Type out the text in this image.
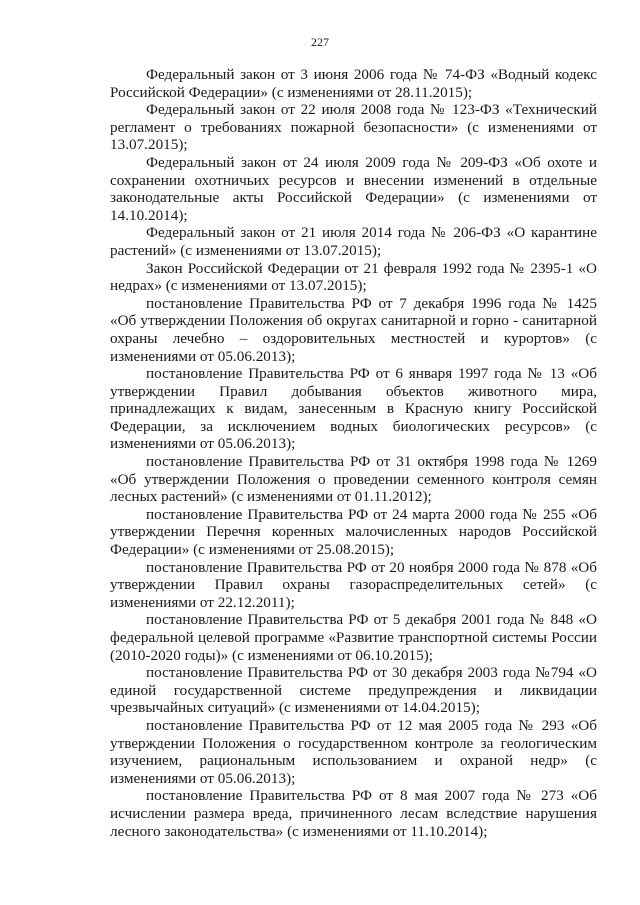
227

Федеральный закон от 3 июня 2006 года № 74-ФЗ «Водный кодекс Российской Федерации» (с изменениями от 28.11.2015);

Федеральный закон от 22 июля 2008 года № 123-ФЗ «Технический регламент о требованиях пожарной безопасности» (с изменениями от 13.07.2015);

Федеральный закон от 24 июля 2009 года № 209-ФЗ «Об охоте и сохранении охотничьих ресурсов и внесении изменений в отдельные законодательные акты Российской Федерации» (с изменениями от 14.10.2014);

Федеральный закон от 21 июля 2014 года № 206-ФЗ «О карантине растений» (с изменениями от 13.07.2015);

Закон Российской Федерации от 21 февраля 1992 года № 2395-1 «О недрах» (с изменениями от 13.07.2015);

постановление Правительства РФ от 7 декабря 1996 года № 1425 «Об утверждении Положения об округах санитарной и горно - санитарной охраны лечебно – оздоровительных местностей и курортов» (с изменениями от 05.06.2013);

постановление Правительства РФ от 6 января 1997 года № 13 «Об утверждении Правил добывания объектов животного мира, принадлежащих к видам, занесенным в Красную книгу Российской Федерации, за исключением водных биологических ресурсов» (с изменениями от 05.06.2013);

постановление Правительства РФ от 31 октября 1998 года № 1269 «Об утверждении Положения о проведении семенного контроля семян лесных растений» (с изменениями от 01.11.2012);

постановление Правительства РФ от 24 марта 2000 года № 255 «Об утверждении Перечня коренных малочисленных народов Российской Федерации» (с изменениями от 25.08.2015);

постановление Правительства РФ от 20 ноября 2000 года № 878 «Об утверждении Правил охраны газораспределительных сетей» (с изменениями от 22.12.2011);

постановление Правительства РФ от 5 декабря 2001 года № 848 «О федеральной целевой программе «Развитие транспортной системы России (2010-2020 годы)» (с изменениями от 06.10.2015);

постановление Правительства РФ от 30 декабря 2003 года №794 «О единой государственной системе предупреждения и ликвидации чрезвычайных ситуаций» (с изменениями от 14.04.2015);

постановление Правительства РФ от 12 мая 2005 года № 293 «Об утверждении Положения о государственном контроле за геологическим изучением, рациональным использованием и охраной недр» (с изменениями от 05.06.2013);

постановление Правительства РФ от 8 мая 2007 года № 273 «Об исчислении размера вреда, причиненного лесам вследствие нарушения лесного законодательства» (с изменениями от 11.10.2014);
